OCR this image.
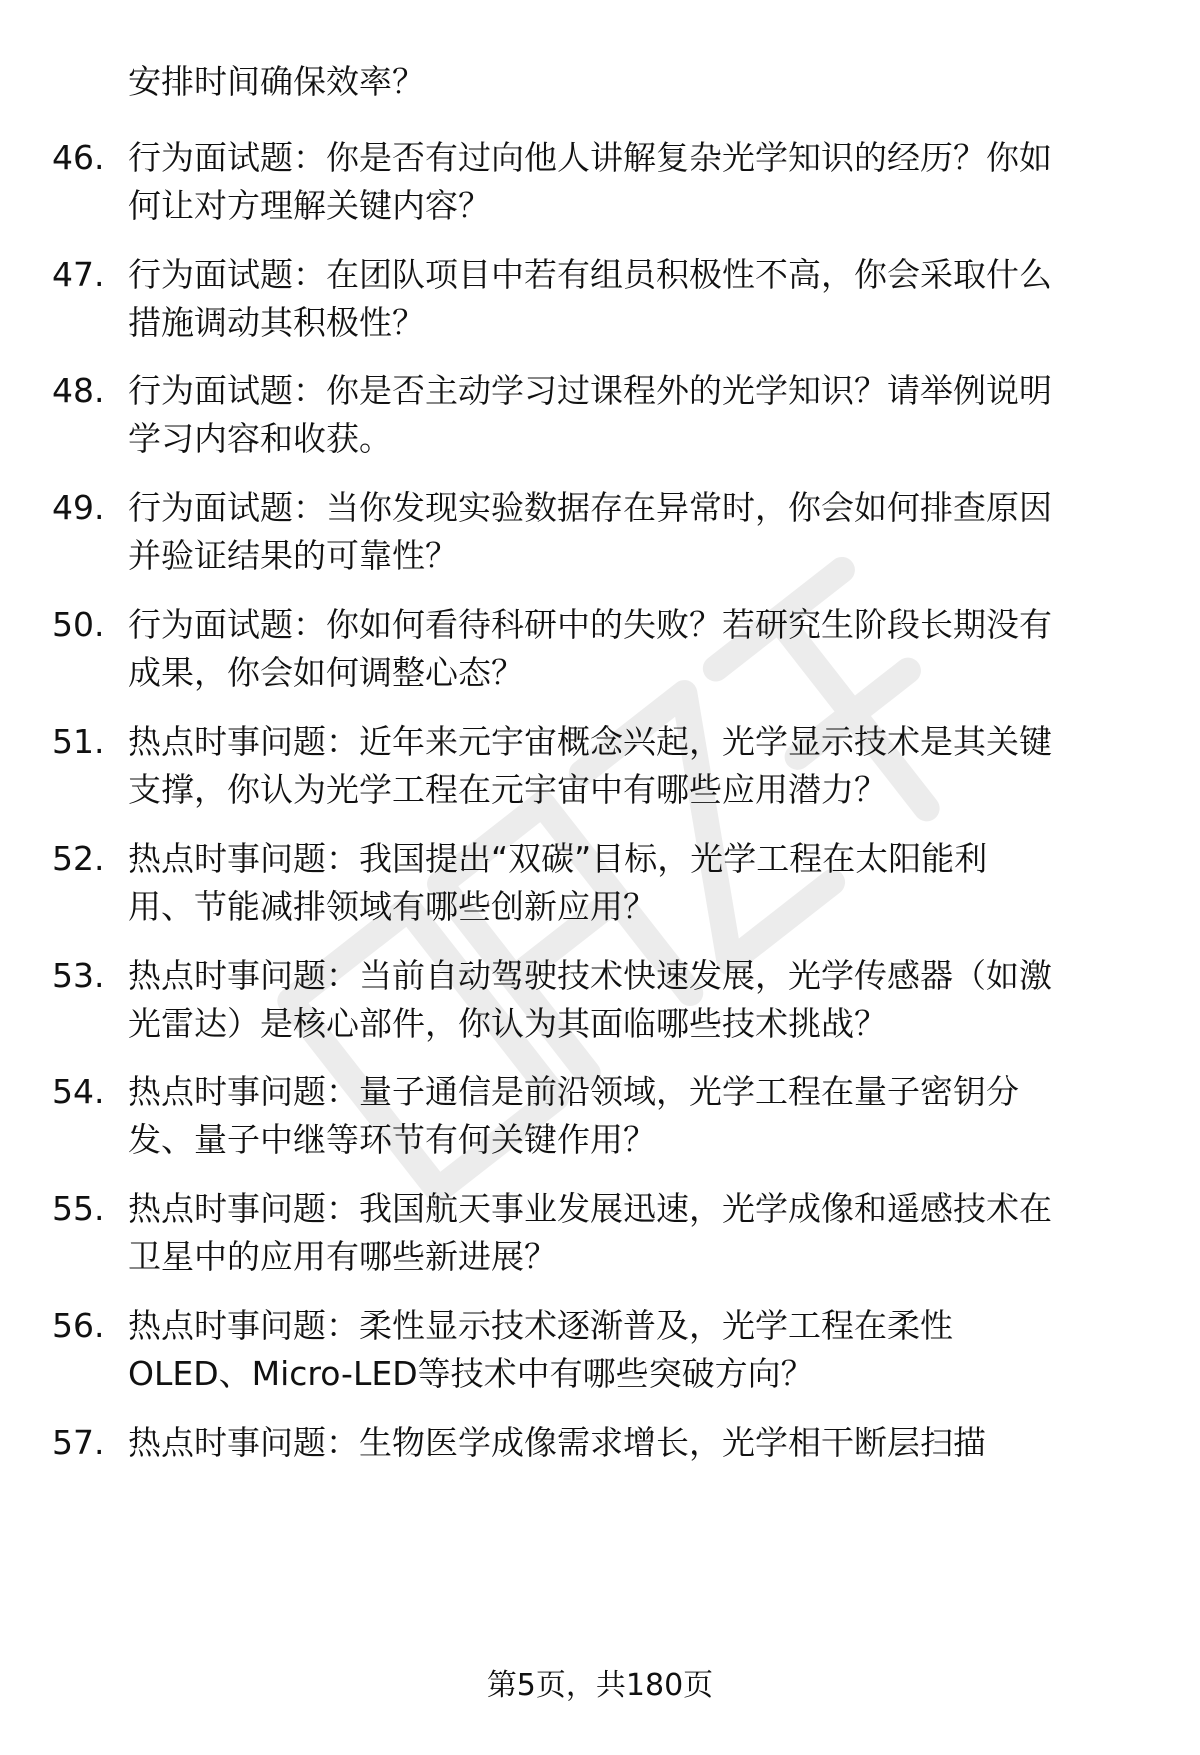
安排时间确保效率？
46. 行为面试题：你是否有过向他人讲解复杂光学知识的经历？你如
何让对方理解关键内容？
47. 行为面试题：在团队项目中若有组员积极性不高，你会采取什么
措施调动其积极性？
48. 行为面试题：你是否主动学习过课程外的光学知识？请举例说明
学习内容和收获。
49. 行为面试题：当你发现实验数据存在异常时，你会如何排查原因
并验证结果的可靠性？
50. 行为面试题：你如何看待科研中的失败？若研究生阶段长期没有
成果，你会如何调整心态？
51. 热点时事问题：近年来元宇宙概念兴起，光学显示技术是其关键
支撑，你认为光学工程在元宇宙中有哪些应用潜力？
52. 热点时事问题：我国提出“双碳”目标，光学工程在太阳能利
用、节能减排领域有哪些创新应用？
53. 热点时事问题：当前自动驾驶技术快速发展，光学传感器（如激
光雷达）是核心部件，你认为其面临哪些技术挑战？
54. 热点时事问题：量子通信是前沿领域，光学工程在量子密钥分
发、量子中继等环节有何关键作用？
55. 热点时事问题：我国航天事业发展迅速，光学成像和遥感技术在
卫星中的应用有哪些新进展？
56. 热点时事问题：柔性显示技术逐渐普及，光学工程在柔性
OLED、Micro-LED等技术中有哪些突破方向？
57. 热点时事问题：生物医学成像需求增长，光学相干断层扫描
第5页，共180页
